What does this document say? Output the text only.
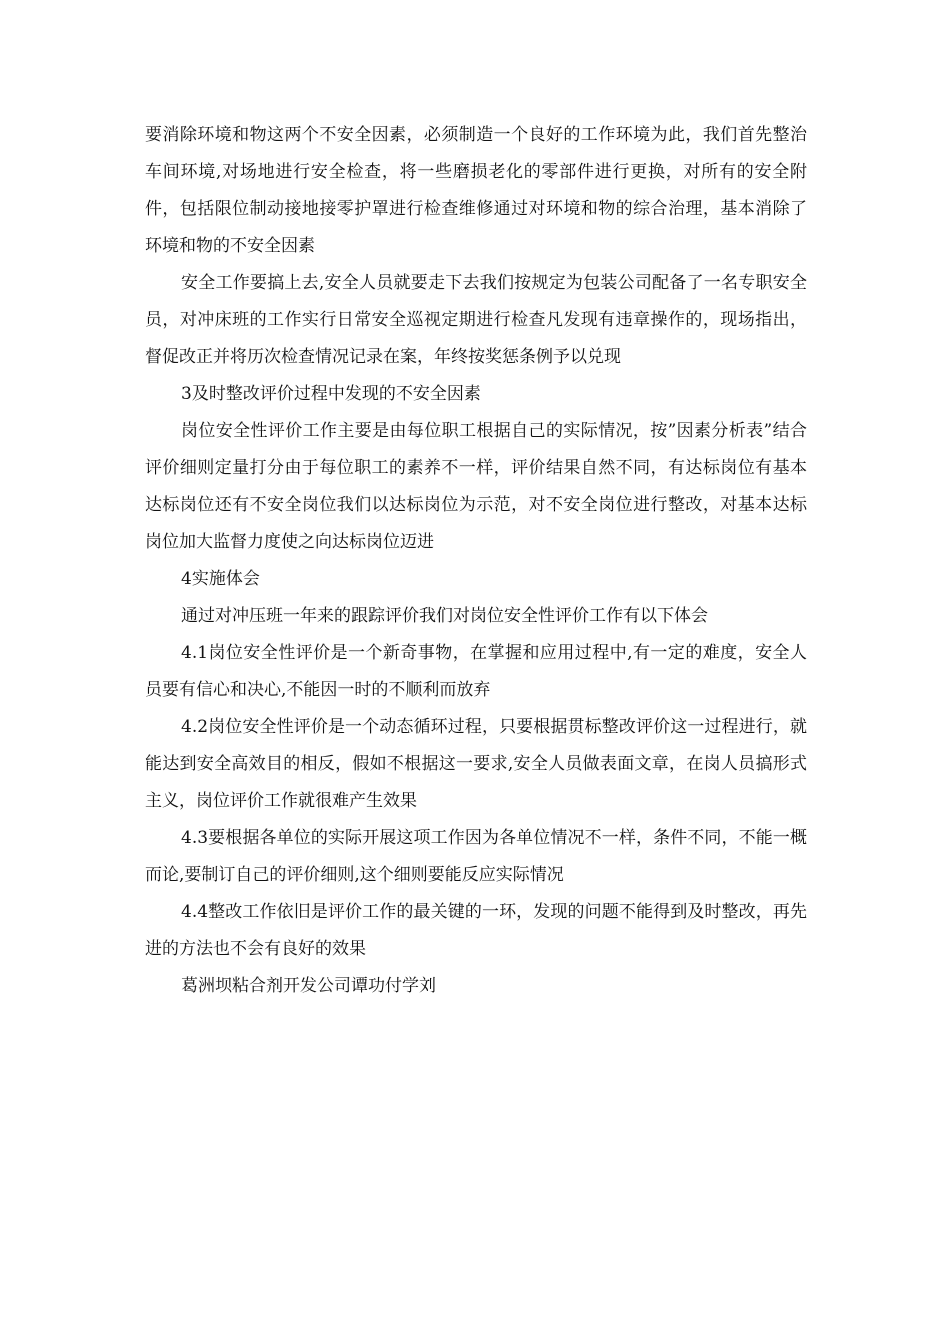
要消除环境和物这两个不安全因素，必须制造一个良好的工作环境为此，我们首先整治车间环境,对场地进行安全检查，将一些磨损老化的零部件进行更换，对所有的安全附件，包括限位制动接地接零护罩进行检查维修通过对环境和物的综合治理，基本消除了环境和物的不安全因素

安全工作要搞上去,安全人员就要走下去我们按规定为包装公司配备了一名专职安全员，对冲床班的工作实行日常安全巡视定期进行检查凡发现有违章操作的，现场指出，督促改正并将历次检查情况记录在案，年终按奖惩条例予以兑现

3及时整改评价过程中发现的不安全因素

岗位安全性评价工作主要是由每位职工根据自己的实际情况，按”因素分析表”结合评价细则定量打分由于每位职工的素养不一样，评价结果自然不同，有达标岗位有基本达标岗位还有不安全岗位我们以达标岗位为示范，对不安全岗位进行整改，对基本达标岗位加大监督力度使之向达标岗位迈进

4实施体会

通过对冲压班一年来的跟踪评价我们对岗位安全性评价工作有以下体会

4.1岗位安全性评价是一个新奇事物，在掌握和应用过程中,有一定的难度，安全人员要有信心和决心,不能因一时的不顺利而放弃

4.2岗位安全性评价是一个动态循环过程，只要根据贯标整改评价这一过程进行，就能达到安全高效目的相反，假如不根据这一要求,安全人员做表面文章，在岗人员搞形式主义，岗位评价工作就很难产生效果

4.3要根据各单位的实际开展这项工作因为各单位情况不一样，条件不同，不能一概而论,要制订自己的评价细则,这个细则要能反应实际情况

4.4整改工作依旧是评价工作的最关键的一环，发现的问题不能得到及时整改，再先进的方法也不会有良好的效果

葛洲坝粘合剂开发公司谭功付学刘
